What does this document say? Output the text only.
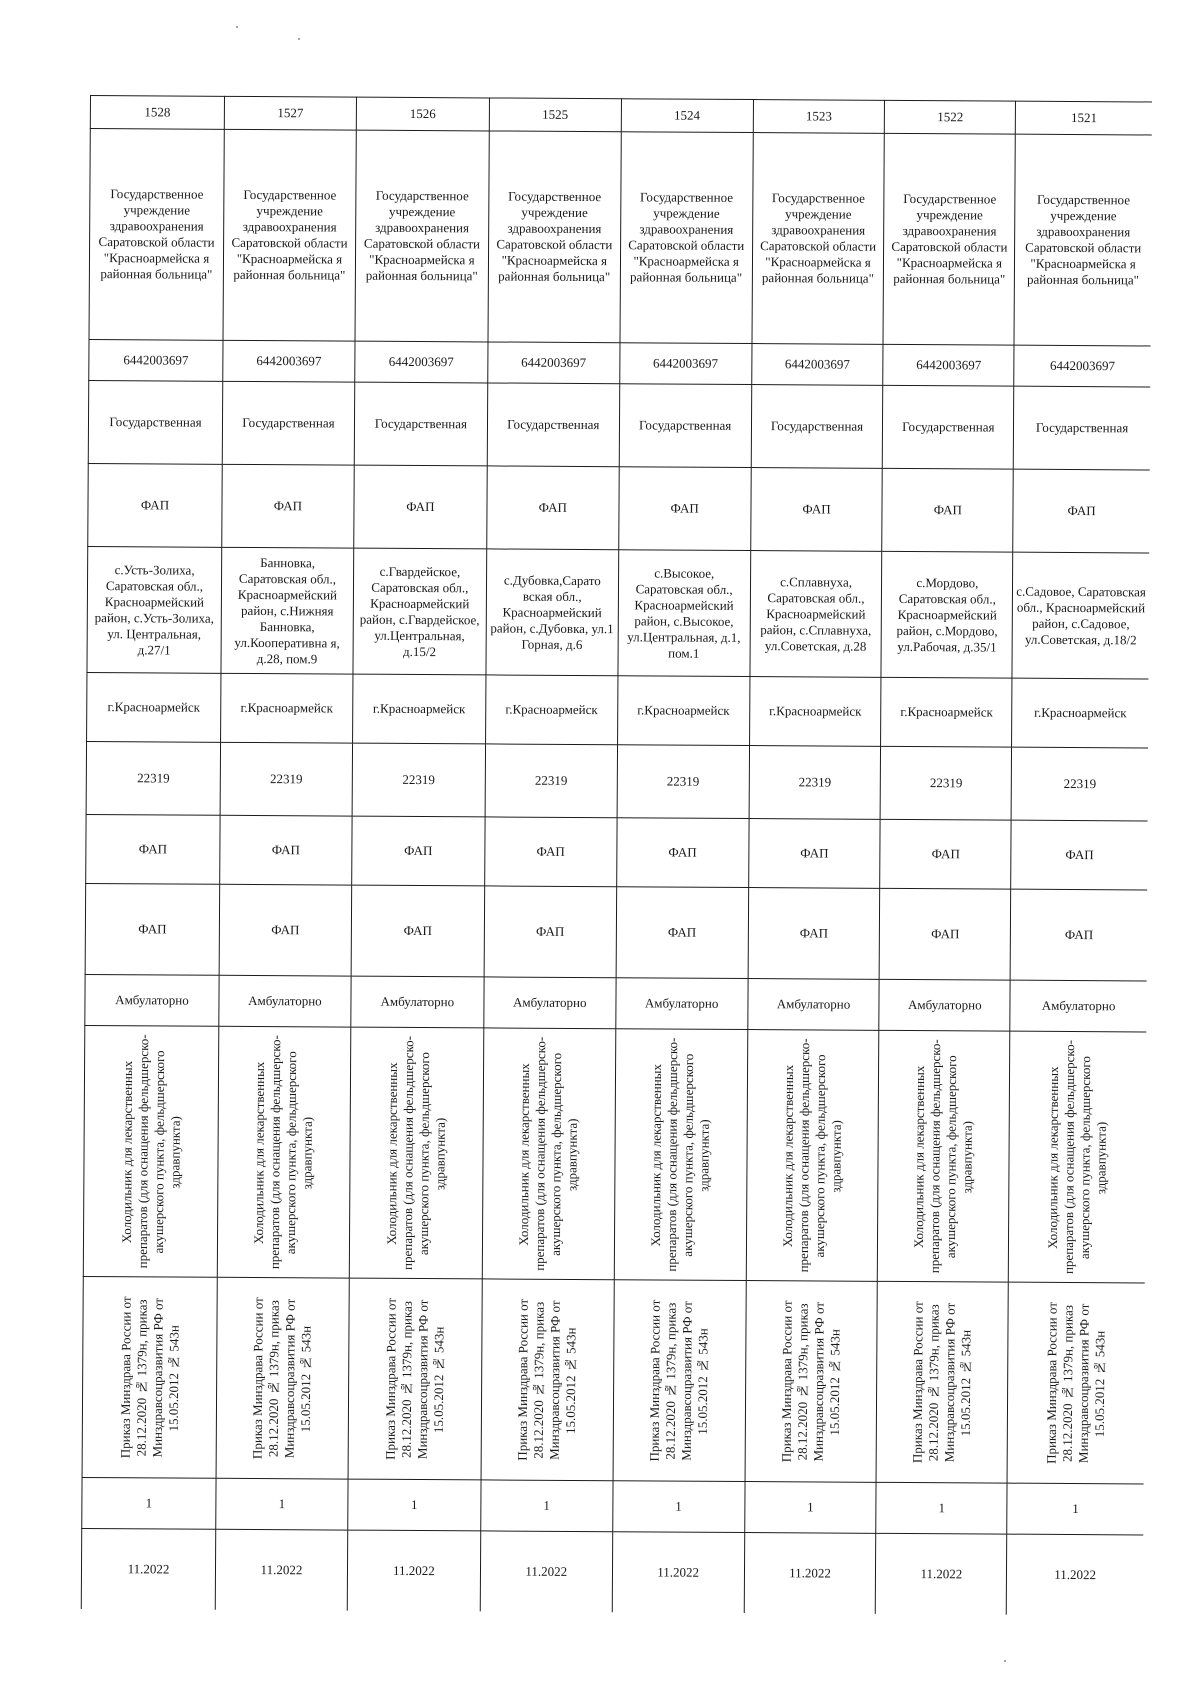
1528	1527	1526	1525	1524	1523	1522	1521
Государственное учреждение здравоохранения Саратовской области "Красноармейска я районная больница"	Государственное учреждение здравоохранения Саратовской области "Красноармейска я районная больница"	Государственное учреждение здравоохранения Саратовской области "Красноармейска я районная больница"	Государственное учреждение здравоохранения Саратовской области "Красноармейска я районная больница"	Государственное учреждение здравоохранения Саратовской области "Красноармейска я районная больница"	Государственное учреждение здравоохранения Саратовской области "Красноармейска я районная больница"	Государственное учреждение здравоохранения Саратовской области "Красноармейска я районная больница"	Государственное учреждение здравоохранения Саратовской области "Красноармейска я районная больница"
6442003697	6442003697	6442003697	6442003697	6442003697	6442003697	6442003697	6442003697
Государственная	Государственная	Государственная	Государственная	Государственная	Государственная	Государственная	Государственная
ФАП	ФАП	ФАП	ФАП	ФАП	ФАП	ФАП	ФАП
с.Усть-Золиха, Саратовская обл., Красноармейский район, с.Усть-Золиха, ул. Центральная, д.27/1	Банновка, Саратовская обл., Красноармейский район, с.Нижняя Банновка, ул.Кооперативна я, д.28, пом.9	с.Гвардейское, Саратовская обл., Красноармейский район, с.Гвардейское, ул.Центральная, д.15/2	с.Дубовка,Сарато вская обл., Красноармейский район, с.Дубовка, ул.1 Горная, д.6	с.Высокое, Саратовская обл., Красноармейский район, с.Высокое, ул.Центральная, д.1, пом.1	с.Сплавнуха, Саратовская обл., Красноармейский район, с.Сплавнуха, ул.Советская, д.28	с.Мордово, Саратовская обл., Красноармейский район, с.Мордово, ул.Рабочая, д.35/1	с.Садовое, Саратовская обл., Красноармейский район, с.Садовое, ул.Советская, д.18/2
г.Красноармейск	г.Красноармейск	г.Красноармейск	г.Красноармейск	г.Красноармейск	г.Красноармейск	г.Красноармейск	г.Красноармейск
22319	22319	22319	22319	22319	22319	22319	22319
ФАП	ФАП	ФАП	ФАП	ФАП	ФАП	ФАП	ФАП
ФАП	ФАП	ФАП	ФАП	ФАП	ФАП	ФАП	ФАП
Амбулаторно	Амбулаторно	Амбулаторно	Амбулаторно	Амбулаторно	Амбулаторно	Амбулаторно	Амбулаторно

Холодильник для лекарственных препаратов (для оснащения фельдшерско-акушерского пункта, фельдшерского здравпункта)	Холодильник для лекарственных препаратов (для оснащения фельдшерско-акушерского пункта, фельдшерского здравпункта)	Холодильник для лекарственных препаратов (для оснащения фельдшерско-акушерского пункта, фельдшерского здравпункта)	Холодильник для лекарственных препаратов (для оснащения фельдшерско-акушерского пункта, фельдшерского здравпункта)	Холодильник для лекарственных препаратов (для оснащения фельдшерско-акушерского пункта, фельдшерского здравпункта)	Холодильник для лекарственных препаратов (для оснащения фельдшерско-акушерского пункта, фельдшерского здравпункта)	Холодильник для лекарственных препаратов (для оснащения фельдшерско-акушерского пункта, фельдшерского здравпункта)	Холодильник для лекарственных препаратов (для оснащения фельдшерско-акушерского пункта, фельдшерского здравпункта)

Приказ Минздрава России от 28.12.2020 № 1379н, приказ Минздравсоцразвития РФ от 15.05.2012 № 543н	Приказ Минздрава России от 28.12.2020 № 1379н, приказ Минздравсоцразвития РФ от 15.05.2012 № 543н	Приказ Минздрава России от 28.12.2020 № 1379н, приказ Минздравсоцразвития РФ от 15.05.2012 № 543н	Приказ Минздрава России от 28.12.2020 № 1379н, приказ Минздравсоцразвития РФ от 15.05.2012 № 543н	Приказ Минздрава России от 28.12.2020 № 1379н, приказ Минздравсоцразвития РФ от 15.05.2012 № 543н	Приказ Минздрава России от 28.12.2020 № 1379н, приказ Минздравсоцразвития РФ от 15.05.2012 № 543н	Приказ Минздрава России от 28.12.2020 № 1379н, приказ Минздравсоцразвития РФ от 15.05.2012 № 543н	Приказ Минздрава России от 28.12.2020 № 1379н, приказ Минздравсоцразвития РФ от 15.05.2012 № 543н

1	1	1	1	1	1	1	1
11.2022	11.2022	11.2022	11.2022	11.2022	11.2022	11.2022	11.2022
